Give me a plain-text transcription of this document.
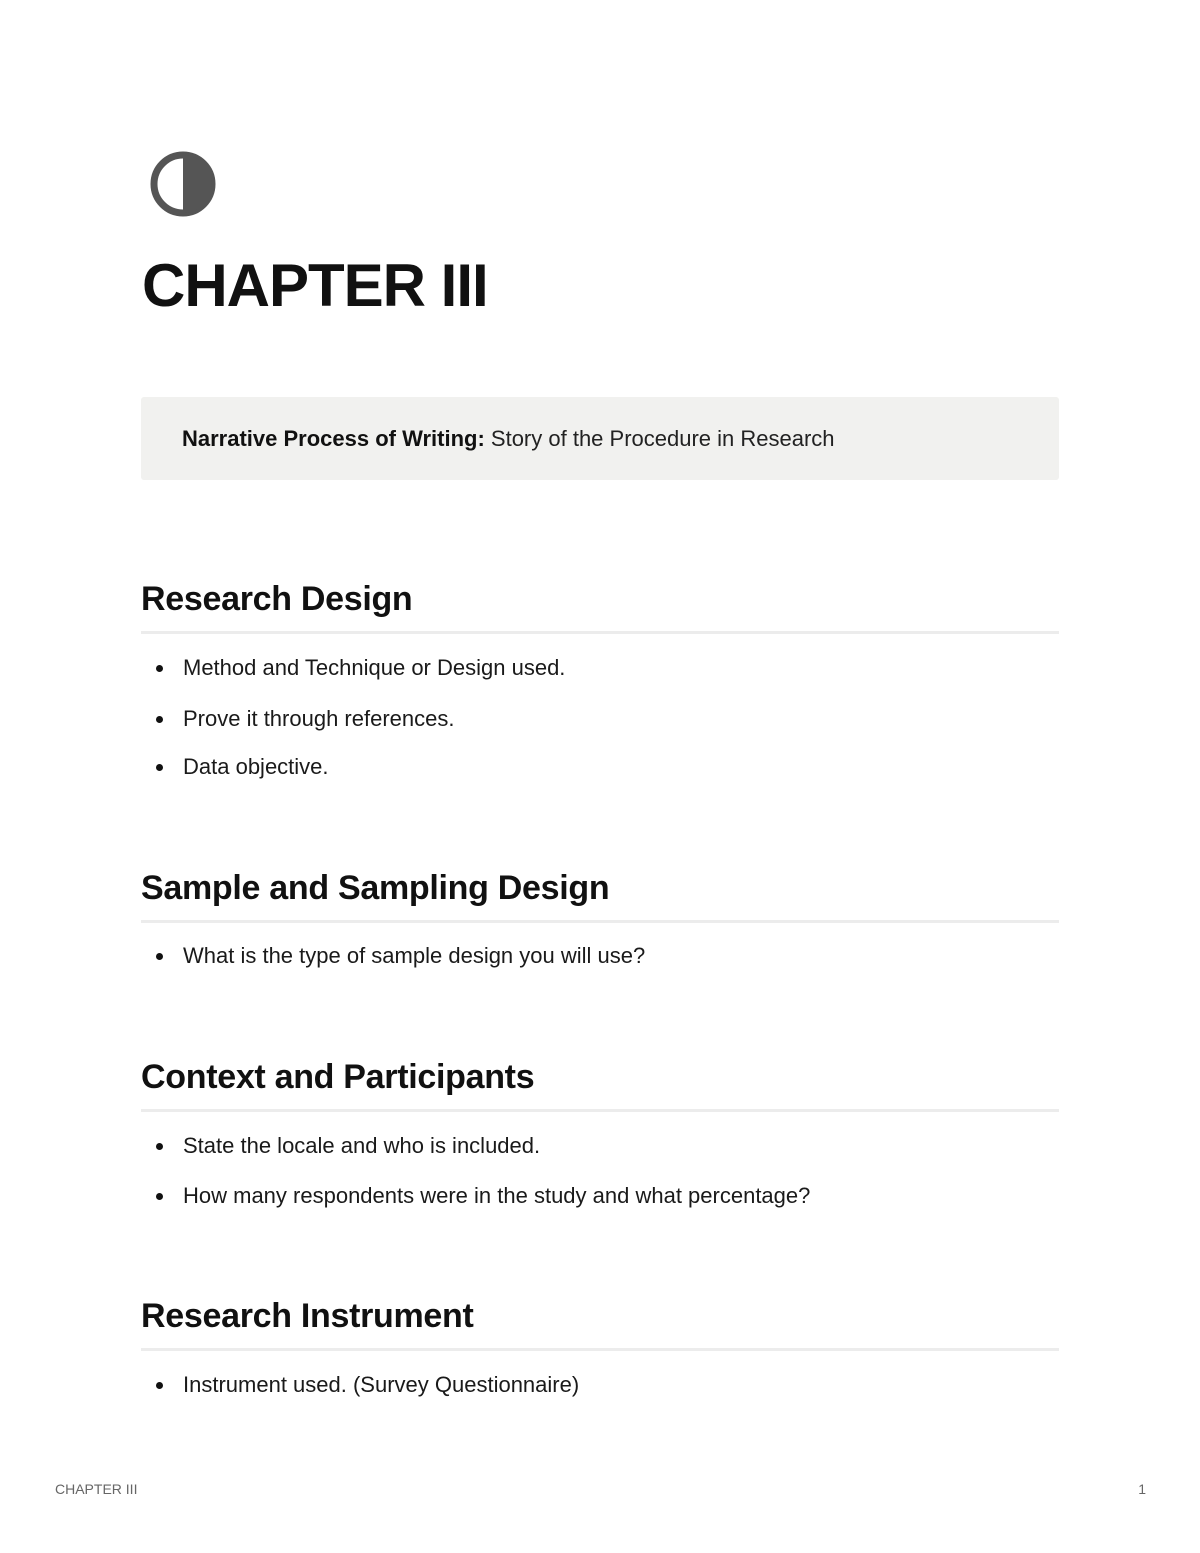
CHAPTER III
Narrative Process of Writing: Story of the Procedure in Research
Research Design
Method and Technique or Design used.
Prove it through references.
Data objective.
Sample and Sampling Design
What is the type of sample design you will use?
Context and Participants
State the locale and who is included.
How many respondents were in the study and what percentage?
Research Instrument
Instrument used. (Survey Questionnaire)
CHAPTER III	1
